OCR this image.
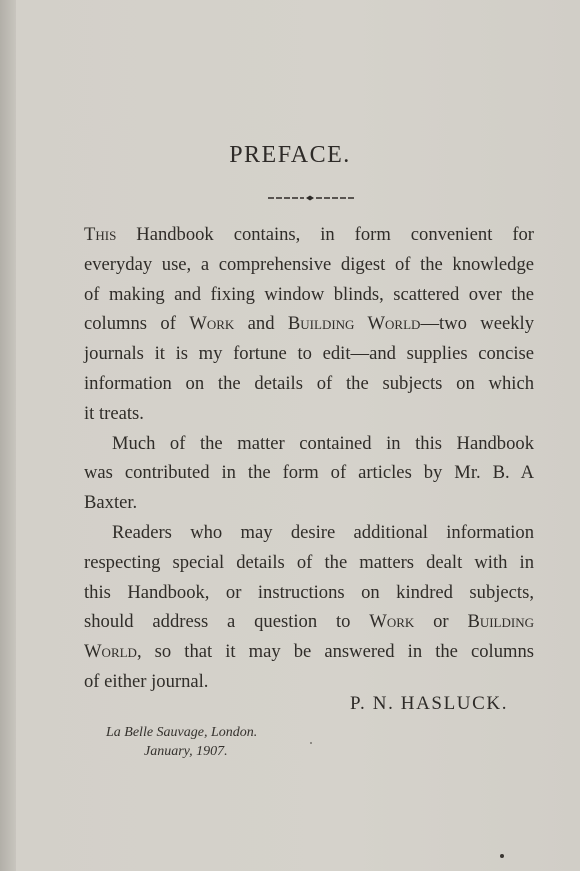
PREFACE.
This Handbook contains, in form convenient for
everyday use, a comprehensive digest of the knowledge
of making and fixing window blinds, scattered over the
columns of Work and Building World—two weekly
journals it is my fortune to edit—and supplies concise
information on the details of the subjects on which
it treats.
Much of the matter contained in this Handbook
was contributed in the form of articles by Mr. B. A
Baxter.
Readers who may desire additional information
respecting special details of the matters dealt with in
this Handbook, or instructions on kindred subjects,
should address a question to Work or Building
World, so that it may be answered in the columns
of either journal.
P. N. HASLUCK.
La Belle Sauvage, London.
January, 1907.
